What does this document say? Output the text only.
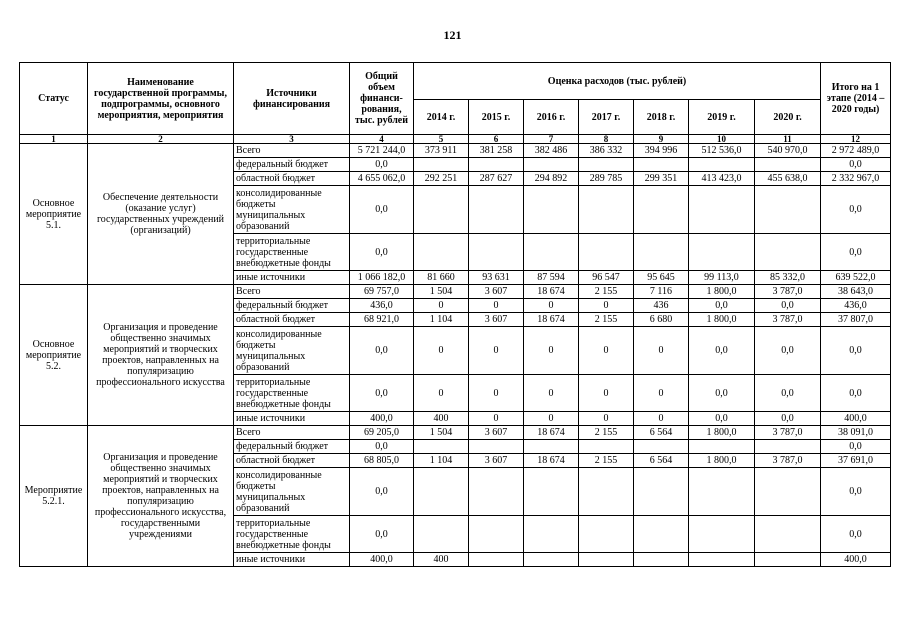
121
Статус	Наименование государственной программы, подпрограммы, основного мероприятия, мероприятия	Источники финансирования	Общий объем финанси-рования, тыс. рублей	Оценка расходов (тыс. рублей)							Итого на 1 этапе (2014 – 2020 годы)
				2014 г.	2015 г.	2016 г.	2017 г.	2018 г.	2019 г.	2020 г.	
1	2	3	4	5	6	7	8	9	10	11	12
Основное мероприятие 5.1.	Обеспечение деятельности (оказание услуг) государственных учреждений (организаций)	Всего	5 721 244,0	373 911	381 258	382 486	386 332	394 996	512 536,0	540 970,0	2 972 489,0
		федеральный бюджет	0,0								0,0
		областной бюджет	4 655 062,0	292 251	287 627	294 892	289 785	299 351	413 423,0	455 638,0	2 332 967,0
		консолидированные бюджеты муниципальных образований	0,0								0,0
		территориальные государственные внебюджетные фонды	0,0								0,0
		иные источники	1 066 182,0	81 660	93 631	87 594	96 547	95 645	99 113,0	85 332,0	639 522,0
Основное мероприятие 5.2.	Организация и проведение общественно значимых мероприятий и творческих проектов, направленных на популяризацию профессионального искусства	Всего	69 757,0	1 504	3 607	18 674	2 155	7 116	1 800,0	3 787,0	38 643,0
		федеральный бюджет	436,0	0	0	0	0	436	0,0	0,0	436,0
		областной бюджет	68 921,0	1 104	3 607	18 674	2 155	6 680	1 800,0	3 787,0	37 807,0
		консолидированные бюджеты муниципальных образований	0,0	0	0	0	0	0	0,0	0,0	0,0
		территориальные государственные внебюджетные фонды	0,0	0	0	0	0	0	0,0	0,0	0,0
		иные источники	400,0	400	0	0	0	0	0,0	0,0	400,0
Мероприятие 5.2.1.	Организация и проведение общественно значимых мероприятий и творческих проектов, направленных на популяризацию профессионального искусства, государственными учреждениями	Всего	69 205,0	1 504	3 607	18 674	2 155	6 564	1 800,0	3 787,0	38 091,0
		федеральный бюджет	0,0								0,0
		областной бюджет	68 805,0	1 104	3 607	18 674	2 155	6 564	1 800,0	3 787,0	37 691,0
		консолидированные бюджеты муниципальных образований	0,0								0,0
		территориальные государственные внебюджетные фонды	0,0								0,0
		иные источники	400,0	400							400,0
